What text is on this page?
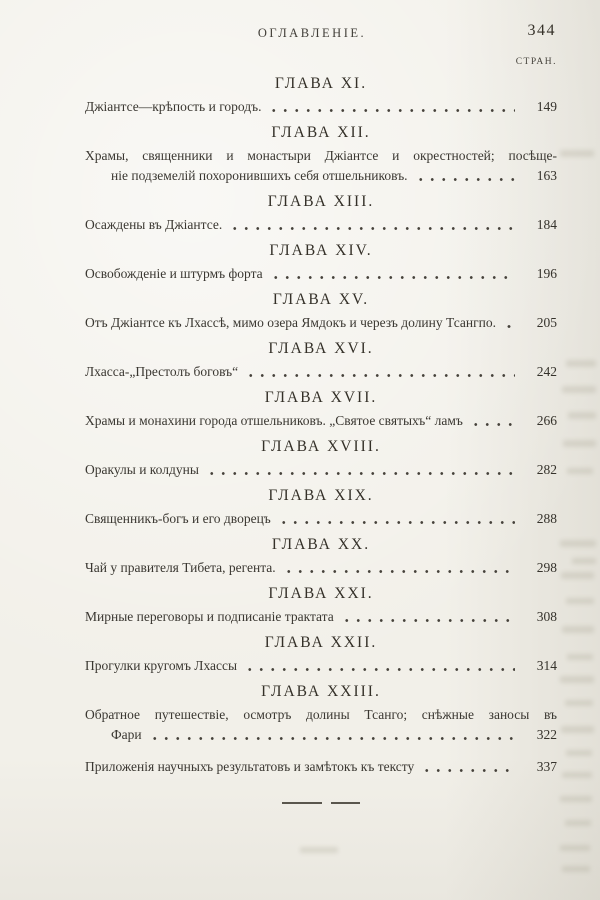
ОГЛАВЛЕНІЕ.	344
СТРАН.
ГЛАВА XI.
Джіантсе—крѣпость и городъ.	149
ГЛАВА XII.
Храмы, священники и монастыри Джіантсе и окрестностей; посѣще-
ніе подземелій похоронившихъ себя отшельниковъ.	163
ГЛАВА XIII.
Осаждены въ Джіантсе.	184
ГЛАВА XIV.
Освобожденіе и штурмъ форта	196
ГЛАВА XV.
Отъ Джіантсе къ Лхассѣ, мимо озера Ямдокъ и черезъ долину Тсангпо.	205
ГЛАВА XVI.
Лхасса-„Престолъ боговъ“	242
ГЛАВА XVII.
Храмы и монахини города отшельниковъ. „Святое святыхъ“ ламъ	266
ГЛАВА XVIII.
Оракулы и колдуны	282
ГЛАВА XIX.
Священникъ-богъ и его дворецъ	288
ГЛАВА XX.
Чай у правителя Тибета, регента.	298
ГЛАВА XXI.
Мирные переговоры и подписаніе трактата	308
ГЛАВА XXII.
Прогулки кругомъ Лхассы	314
ГЛАВА XXIII.
Обратное путешествіе, осмотръ долины Тсанго; снѣжные заносы въ
Фари	322
Приложенія научныхъ результатовъ и замѣтокъ къ тексту	337
